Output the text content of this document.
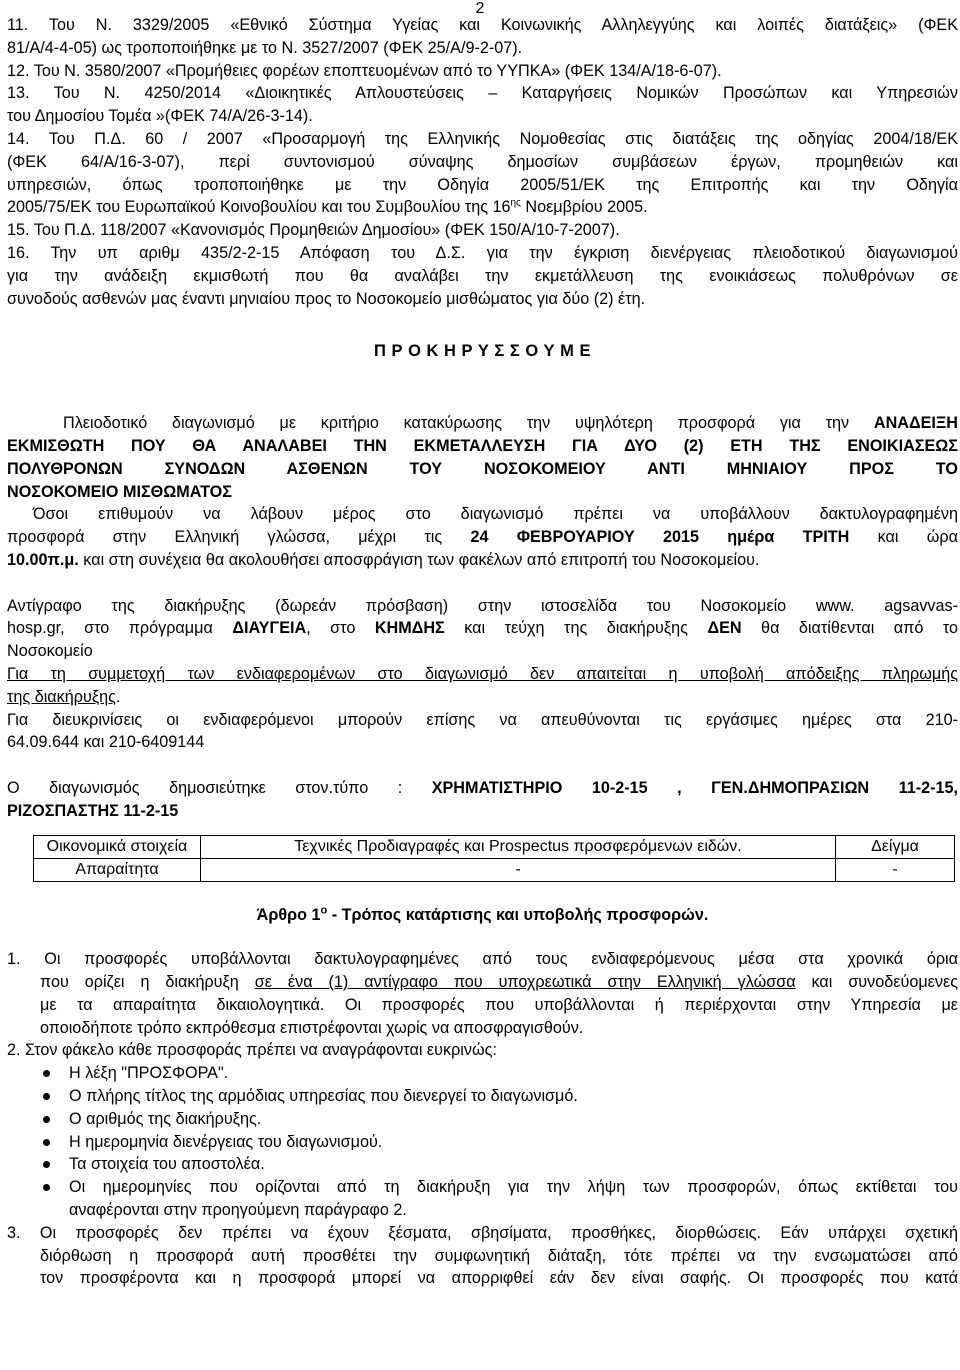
2
11. Του Ν. 3329/2005 «Εθνικό Σύστημα Υγείας και Κοινωνικής Αλληλεγγύης και λοιπές διατάξεις» (ΦΕΚ
81/Α/4-4-05) ως τροποποιήθηκε με το Ν. 3527/2007 (ΦΕΚ 25/Α/9-2-07).
12. Του Ν. 3580/2007 «Προμήθειες φορέων εποπτευομένων από το ΥΥΠΚΑ» (ΦΕΚ 134/Α/18-6-07).
13. Του Ν. 4250/2014 «Διοικητικές Απλουστεύσεις – Καταργήσεις Νομικών Προσώπων και Υπηρεσιών
του Δημοσίου Τομέα »(ΦΕΚ 74/Α/26-3-14).
14. Του Π.Δ. 60 / 2007 «Προσαρμογή της Ελληνικής Νομοθεσίας στις διατάξεις της οδηγίας 2004/18/ΕΚ
(ΦΕΚ 64/Α/16-3-07), περί συντονισμού σύναψης δημοσίων συμβάσεων έργων, προμηθειών και
υπηρεσιών, όπως τροποποιήθηκε με την Οδηγία 2005/51/ΕΚ της Επιτροπής και την Οδηγία
2005/75/ΕΚ του Ευρωπαϊκού Κοινοβουλίου και του Συμβουλίου της $16^{\eta\varsigma}$ Νοεμβρίου 2005.
15. Του Π.Δ. 118/2007 «Κανονισμός Προμηθειών Δημοσίου» (ΦΕΚ 150/Α/10-7-2007).
16. Την υπ αριθμ 435/2-2-15 Απόφαση του Δ.Σ. για την έγκριση διενέργειας πλειοδοτικού διαγωνισμού
για την ανάδειξη εκμισθωτή που θα αναλάβει την εκμετάλλευση της ενοικιάσεως πολυθρόνων σε
συνοδούς ασθενών μας έναντι μηνιαίου προς το Νοσοκομείο μισθώματος για δύο (2) έτη.
Π Ρ Ο Κ Η Ρ Υ Σ Σ Ο Υ Μ Ε
Πλειοδοτικό διαγωνισμό με κριτήριο κατακύρωσης την υψηλότερη προσφορά για την ΑΝΑΔΕΙΞΗ
ΕΚΜΙΣΘΩΤΗ ΠΟΥ ΘΑ ΑΝΑΛΑΒΕΙ ΤΗΝ ΕΚΜΕΤΑΛΛΕΥΣΗ ΓΙΑ ΔΥΟ (2) ΕΤΗ ΤΗΣ ΕΝΟΙΚΙΑΣΕΩΣ
ΠΟΛΥΘΡΟΝΩΝ ΣΥΝΟΔΩΝ ΑΣΘΕΝΩΝ ΤΟΥ ΝΟΣΟΚΟΜΕΙΟΥ ΑΝΤΙ ΜΗΝΙΑΙΟΥ ΠΡΟΣ ΤΟ
ΝΟΣΟΚΟΜΕΙΟ ΜΙΣΘΩΜΑΤΟΣ
Όσοι επιθυμούν να λάβουν μέρος στο διαγωνισμό πρέπει να υποβάλλουν δακτυλογραφημένη
προσφορά στην Ελληνική γλώσσα, μέχρι τις 24 ΦΕΒΡΟΥΑΡΙΟΥ 2015 ημέρα ΤΡΙΤΗ και ώρα
10.00π.μ. και στη συνέχεια θα ακολουθήσει αποσφράγιση των φακέλων από επιτροπή του Νοσοκομείου.
Αντίγραφο της διακήρυξης (δωρεάν πρόσβαση) στην ιστοσελίδα του Νοσοκομείο www. agsavvas-
hosp.gr, στο πρόγραμμα ΔΙΑΥΓΕΙΑ, στο ΚΗΜΔΗΣ και τεύχη της διακήρυξης ΔΕΝ θα διατίθενται από το
Νοσοκομείο
Για τη συμμετοχή των ενδιαφερομένων στο διαγωνισμό δεν απαιτείται η υποβολή απόδειξης πληρωμής
της διακήρυξης.
Για διευκρινίσεις οι ενδιαφερόμενοι μπορούν επίσης να απευθύνονται τις εργάσιμες ημέρες στα 210-
64.09.644 και 210-6409144
Ο διαγωνισμός δημοσιεύτηκε στον.τύπο : ΧΡΗΜΑΤΙΣΤΗΡΙΟ 10-2-15 , ΓΕΝ.ΔΗΜΟΠΡΑΣΙΩΝ 11-2-15,
ΡΙΖΟΣΠΑΣΤΗΣ 11-2-15
Οικονομικά στοιχεία	Τεχνικές Προδιαγραφές και Prospectus προσφερόμενων ειδών.	Δείγμα
Απαραίτητα	-	-
Άρθρο $1^o$ - Τρόπος κατάρτισης και υποβολής προσφορών.
1. Οι προσφορές υποβάλλονται δακτυλογραφημένες από τους ενδιαφερόμενους μέσα στα χρονικά όρια
που ορίζει η διακήρυξη σε ένα (1) αντίγραφο που υποχρεωτικά στην Ελληνική γλώσσα και συνοδεύομενες
με τα απαραίτητα δικαιολογητικά. Οι προσφορές που υποβάλλονται ή περιέρχονται στην Υπηρεσία με
οποιοδήποτε τρόπο εκπρόθεσμα επιστρέφονται χωρίς να αποσφραγισθούν.
2. Στον φάκελο κάθε προσφοράς πρέπει να αναγράφονται ευκρινώς:
Η λέξη "ΠΡΟΣΦΟΡΑ".
Ο πλήρης τίτλος της αρμόδιας υπηρεσίας που διενεργεί το διαγωνισμό.
Ο αριθμός της διακήρυξης.
Η ημερομηνία διενέργειας του διαγωνισμού.
Τα στοιχεία του αποστολέα.
Οι ημερομηνίες που ορίζονται από τη διακήρυξη για την λήψη των προσφορών, όπως εκτίθεται του
αναφέρονται στην προηγούμενη παράγραφο 2.
3. Οι προσφορές δεν πρέπει να έχουν ξέσματα, σβησίματα, προσθήκες, διορθώσεις. Εάν υπάρχει σχετική
διόρθωση η προσφορά αυτή προσθέτει την συμφωνητική διάταξη, τότε πρέπει να την ενσωματώσει από
τον προσφέροντα και η προσφορά μπορεί να απορριφθεί εάν δεν είναι σαφής. Οι προσφορές που κατά
